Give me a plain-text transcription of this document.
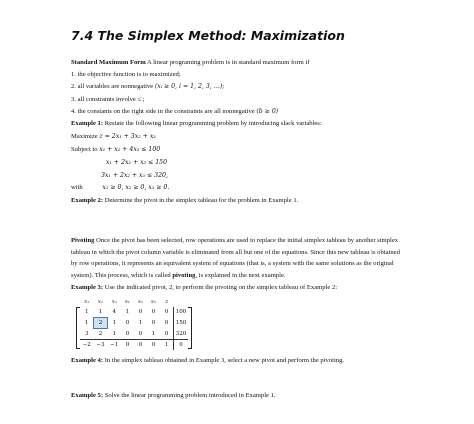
7.4 The Simplex Method: Maximization
Standard Maximum Form A linear programing problem is in standard maximum form if
1. the objective function is to maximized;
2. all variables are nonnegative (xᵢ ≥ 0, i = 1, 2, 3, …);
3. all constraints involve ≤ ;
4. the constants on the right side in the constraints are all nonnegative (b ≥ 0)
Example 1: Restate the following linear programming problem by introducing slack variables:
Maximize z = 2x₁ + 3x₂ + x₃
Subject to x₁ + x₂ + 4x₃ ≤ 100
x₁ + 2x₂ + x₃ ≤ 150
3x₁ + 2x₂ + x₃ ≤ 320,
with	x₁ ≥ 0, x₂ ≥ 0, x₃ ≥ 0.
Example 2: Determine the pivot in the simplex tableau for the problem in Example 1.
Pivoting Once the pivot has been selected, row operations are used to replace the initial simplex tableau by another simplex tableau in which the pivot column variable is eliminated from all but one of the equations. Since this new tableau is obtained by row operations, it represents an equivalent system of equations (that is, a system with the same solutions as the original system). This process, which is called pivoting, is explained in the next example.
Example 3: Use the indicated pivot, 2, to perform the pivoting on the simplex tableau of Example 2:
x₁	x₂	x₃	s₁	s₂	s₃	z	
1	1	4	1	0	0	0	100
1	2	1	0	1	0	0	150
3	2	1	0	0	1	0	320
−2	−3	−1	0	0	0	1	0
Example 4: In the simplex tableau obtained in Example 3, select a new pivot and perform the pivoting.
Example 5: Solve the linear programming problem introduced in Example 1.
